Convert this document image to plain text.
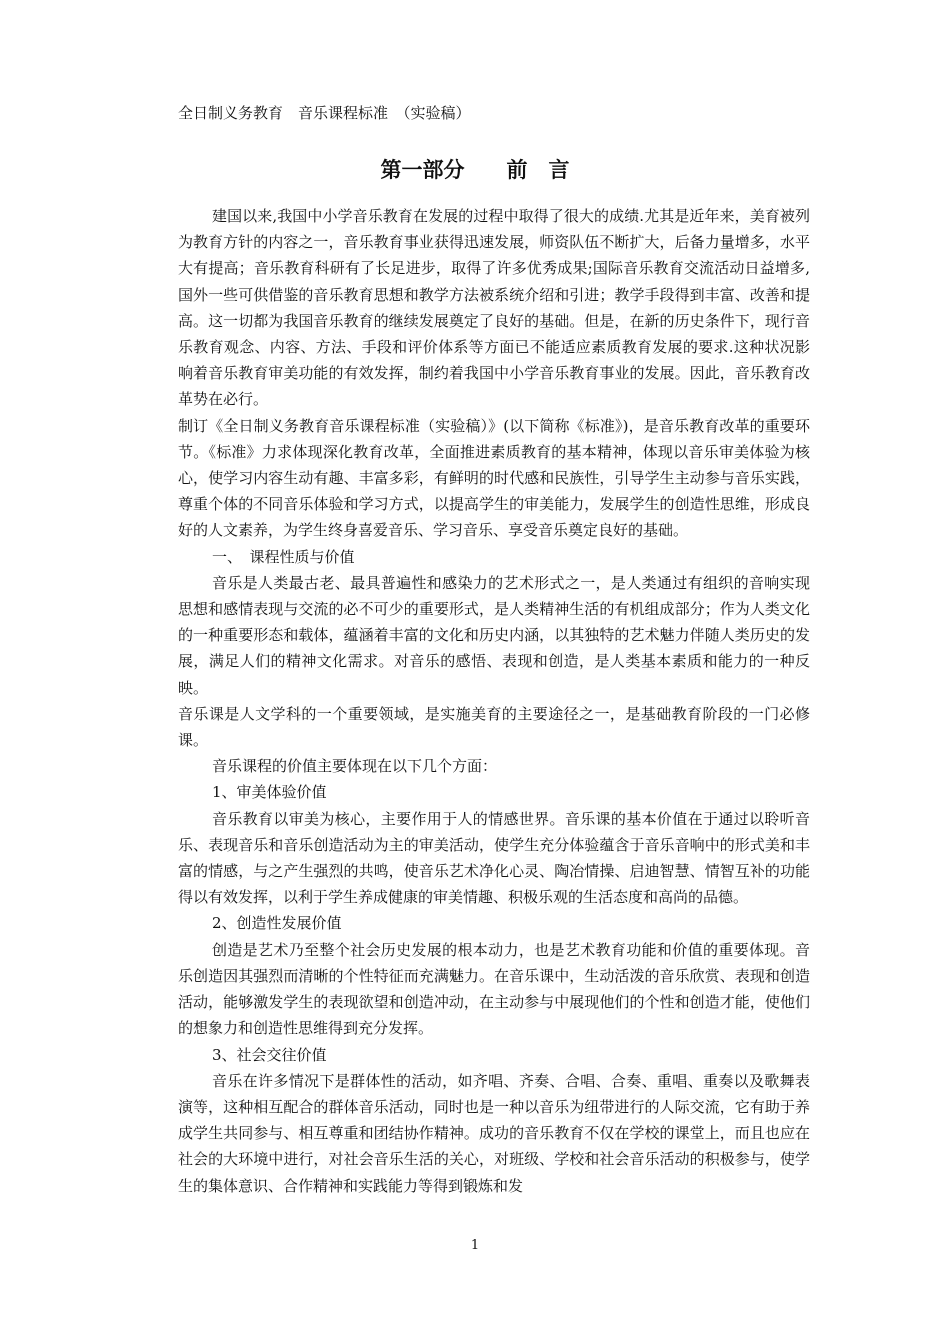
全日制义务教育　音乐课程标准　（实验稿）
第一部分　　前　言

建国以来,我国中小学音乐教育在发展的过程中取得了很大的成绩.尤其是近年来，美育被列为教育方针的内容之一，音乐教育事业获得迅速发展，师资队伍不断扩大，后备力量增多，水平大有提高；音乐教育科研有了长足进步，取得了许多优秀成果;国际音乐教育交流活动日益增多,国外一些可供借鉴的音乐教育思想和教学方法被系统介绍和引进；教学手段得到丰富、改善和提高。这一切都为我国音乐教育的继续发展奠定了良好的基础。但是，在新的历史条件下，现行音乐教育观念、内容、方法、手段和评价体系等方面已不能适应素质教育发展的要求.这种状况影响着音乐教育审美功能的有效发挥，制约着我国中小学音乐教育事业的发展。因此，音乐教育改革势在必行。

制订《全日制义务教育音乐课程标准（实验稿）》(以下简称《标准》)，是音乐教育改革的重要环节。《标准》力求体现深化教育改革，全面推进素质教育的基本精神，体现以音乐审美体验为核心，使学习内容生动有趣、丰富多彩，有鲜明的时代感和民族性，引导学生主动参与音乐实践，尊重个体的不同音乐体验和学习方式，以提高学生的审美能力，发展学生的创造性思维，形成良好的人文素养，为学生终身喜爱音乐、学习音乐、享受音乐奠定良好的基础。

一、　课程性质与价值

音乐是人类最古老、最具普遍性和感染力的艺术形式之一，是人类通过有组织的音响实现思想和感情表现与交流的必不可少的重要形式，是人类精神生活的有机组成部分；作为人类文化的一种重要形态和载体，蕴涵着丰富的文化和历史内涵，以其独特的艺术魅力伴随人类历史的发展，满足人们的精神文化需求。对音乐的感悟、表现和创造，是人类基本素质和能力的一种反映。

音乐课是人文学科的一个重要领域，是实施美育的主要途径之一，是基础教育阶段的一门必修课。

音乐课程的价值主要体现在以下几个方面：

1、审美体验价值

音乐教育以审美为核心，主要作用于人的情感世界。音乐课的基本价值在于通过以聆听音乐、表现音乐和音乐创造活动为主的审美活动，使学生充分体验蕴含于音乐音响中的形式美和丰富的情感，与之产生强烈的共鸣，使音乐艺术净化心灵、陶冶情操、启迪智慧、情智互补的功能得以有效发挥，以利于学生养成健康的审美情趣、积极乐观的生活态度和高尚的品德。

2、创造性发展价值

创造是艺术乃至整个社会历史发展的根本动力，也是艺术教育功能和价值的重要体现。音乐创造因其强烈而清晰的个性特征而充满魅力。在音乐课中，生动活泼的音乐欣赏、表现和创造活动，能够激发学生的表现欲望和创造冲动，在主动参与中展现他们的个性和创造才能，使他们的想象力和创造性思维得到充分发挥。

3、社会交往价值

音乐在许多情况下是群体性的活动，如齐唱、齐奏、合唱、合奏、重唱、重奏以及歌舞表演等，这种相互配合的群体音乐活动，同时也是一种以音乐为纽带进行的人际交流，它有助于养成学生共同参与、相互尊重和团结协作精神。成功的音乐教育不仅在学校的课堂上，而且也应在社会的大环境中进行，对社会音乐生活的关心，对班级、学校和社会音乐活动的积极参与，使学生的集体意识、合作精神和实践能力等得到锻炼和发

1
